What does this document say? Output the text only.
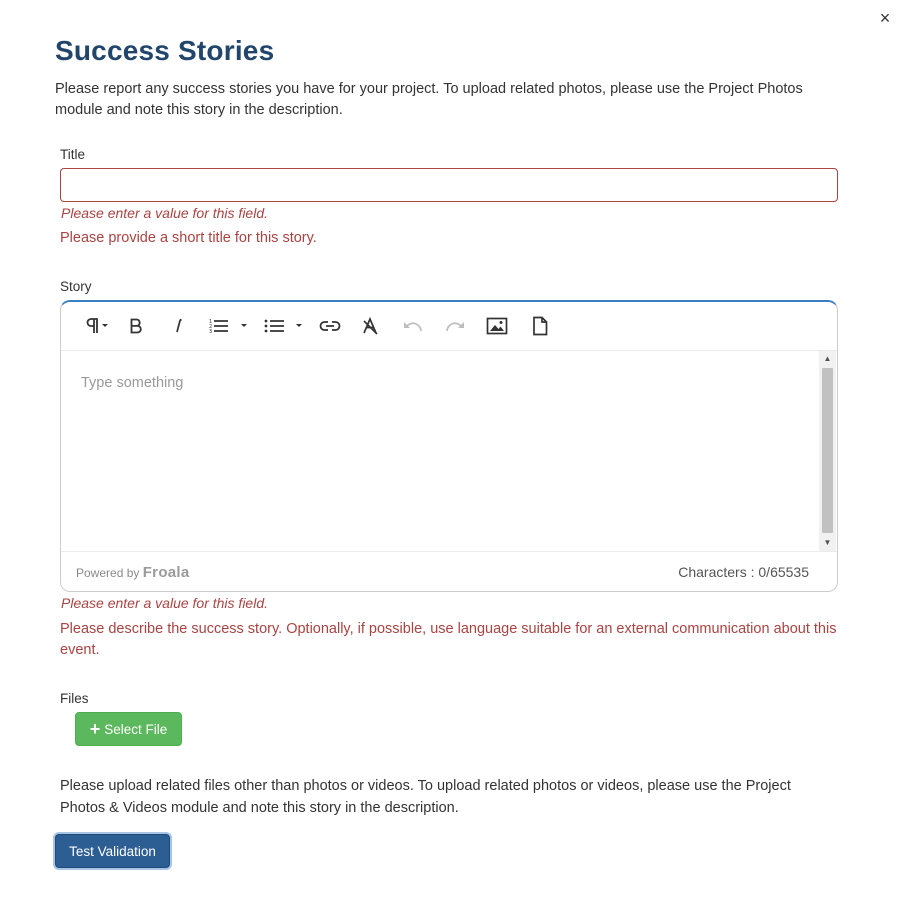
×
Success Stories

Please report any success stories you have for your project. To upload related photos, please use the Project Photos module and note this story in the description.

Title
Please enter a value for this field.
Please provide a short title for this story.
Story
1
2
3
Type something
▲
▼
Powered by Froala	Characters : 0/65535
Please enter a value for this field.
Please describe the success story. Optionally, if possible, use language suitable for an external communication about this event.
Files
+ Select File
Please upload related files other than photos or videos. To upload related photos or videos, please use the Project Photos & Videos module and note this story in the description.
Test Validation
